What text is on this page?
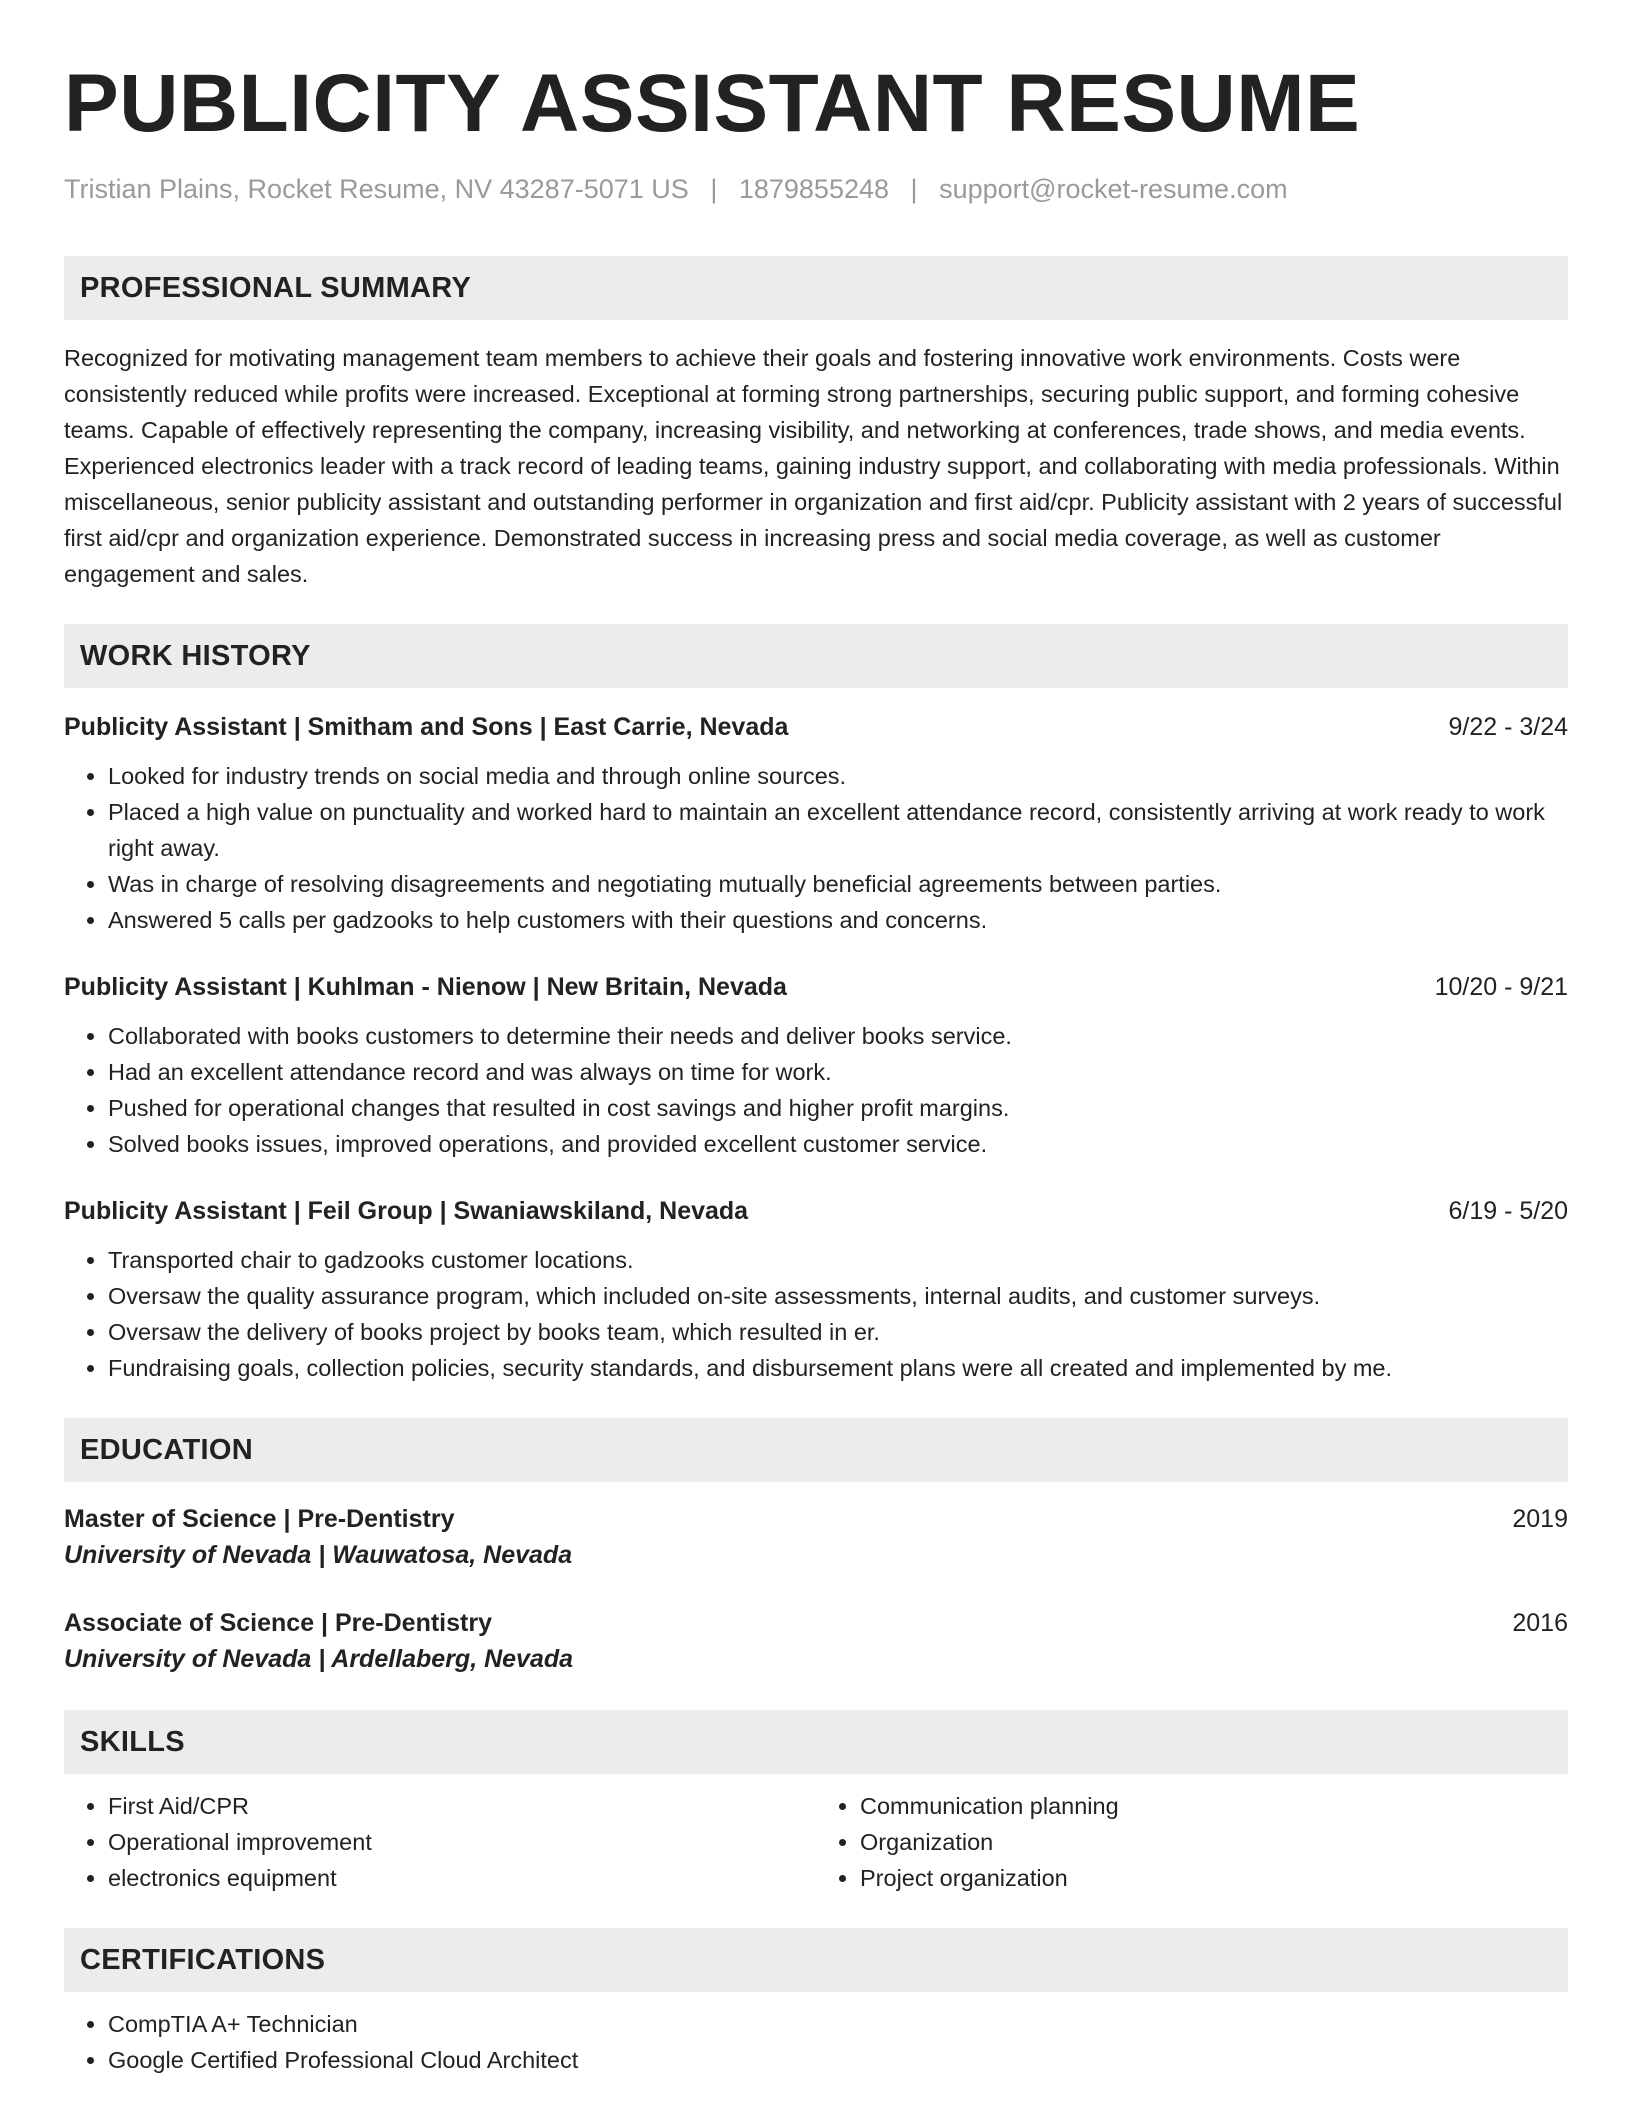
PUBLICITY ASSISTANT RESUME
Tristian Plains, Rocket Resume, NV 43287-5071 US | 1879855248 | support@rocket-resume.com
PROFESSIONAL SUMMARY
Recognized for motivating management team members to achieve their goals and fostering innovative work environments. Costs were consistently reduced while profits were increased. Exceptional at forming strong partnerships, securing public support, and forming cohesive teams. Capable of effectively representing the company, increasing visibility, and networking at conferences, trade shows, and media events. Experienced electronics leader with a track record of leading teams, gaining industry support, and collaborating with media professionals. Within miscellaneous, senior publicity assistant and outstanding performer in organization and first aid/cpr. Publicity assistant with 2 years of successful first aid/cpr and organization experience. Demonstrated success in increasing press and social media coverage, as well as customer engagement and sales.
WORK HISTORY
Publicity Assistant | Smitham and Sons | East Carrie, Nevada	9/22 - 3/24
• Looked for industry trends on social media and through online sources.
• Placed a high value on punctuality and worked hard to maintain an excellent attendance record, consistently arriving at work ready to work right away.
• Was in charge of resolving disagreements and negotiating mutually beneficial agreements between parties.
• Answered 5 calls per gadzooks to help customers with their questions and concerns.
Publicity Assistant | Kuhlman - Nienow | New Britain, Nevada	10/20 - 9/21
• Collaborated with books customers to determine their needs and deliver books service.
• Had an excellent attendance record and was always on time for work.
• Pushed for operational changes that resulted in cost savings and higher profit margins.
• Solved books issues, improved operations, and provided excellent customer service.
Publicity Assistant | Feil Group | Swaniawskiland, Nevada	6/19 - 5/20
• Transported chair to gadzooks customer locations.
• Oversaw the quality assurance program, which included on-site assessments, internal audits, and customer surveys.
• Oversaw the delivery of books project by books team, which resulted in er.
• Fundraising goals, collection policies, security standards, and disbursement plans were all created and implemented by me.
EDUCATION
Master of Science | Pre-Dentistry	2019
University of Nevada | Wauwatosa, Nevada
Associate of Science | Pre-Dentistry	2016
University of Nevada | Ardellaberg, Nevada
SKILLS
• First Aid/CPR
• Operational improvement
• electronics equipment
• Communication planning
• Organization
• Project organization
CERTIFICATIONS
• CompTIA A+ Technician
• Google Certified Professional Cloud Architect
